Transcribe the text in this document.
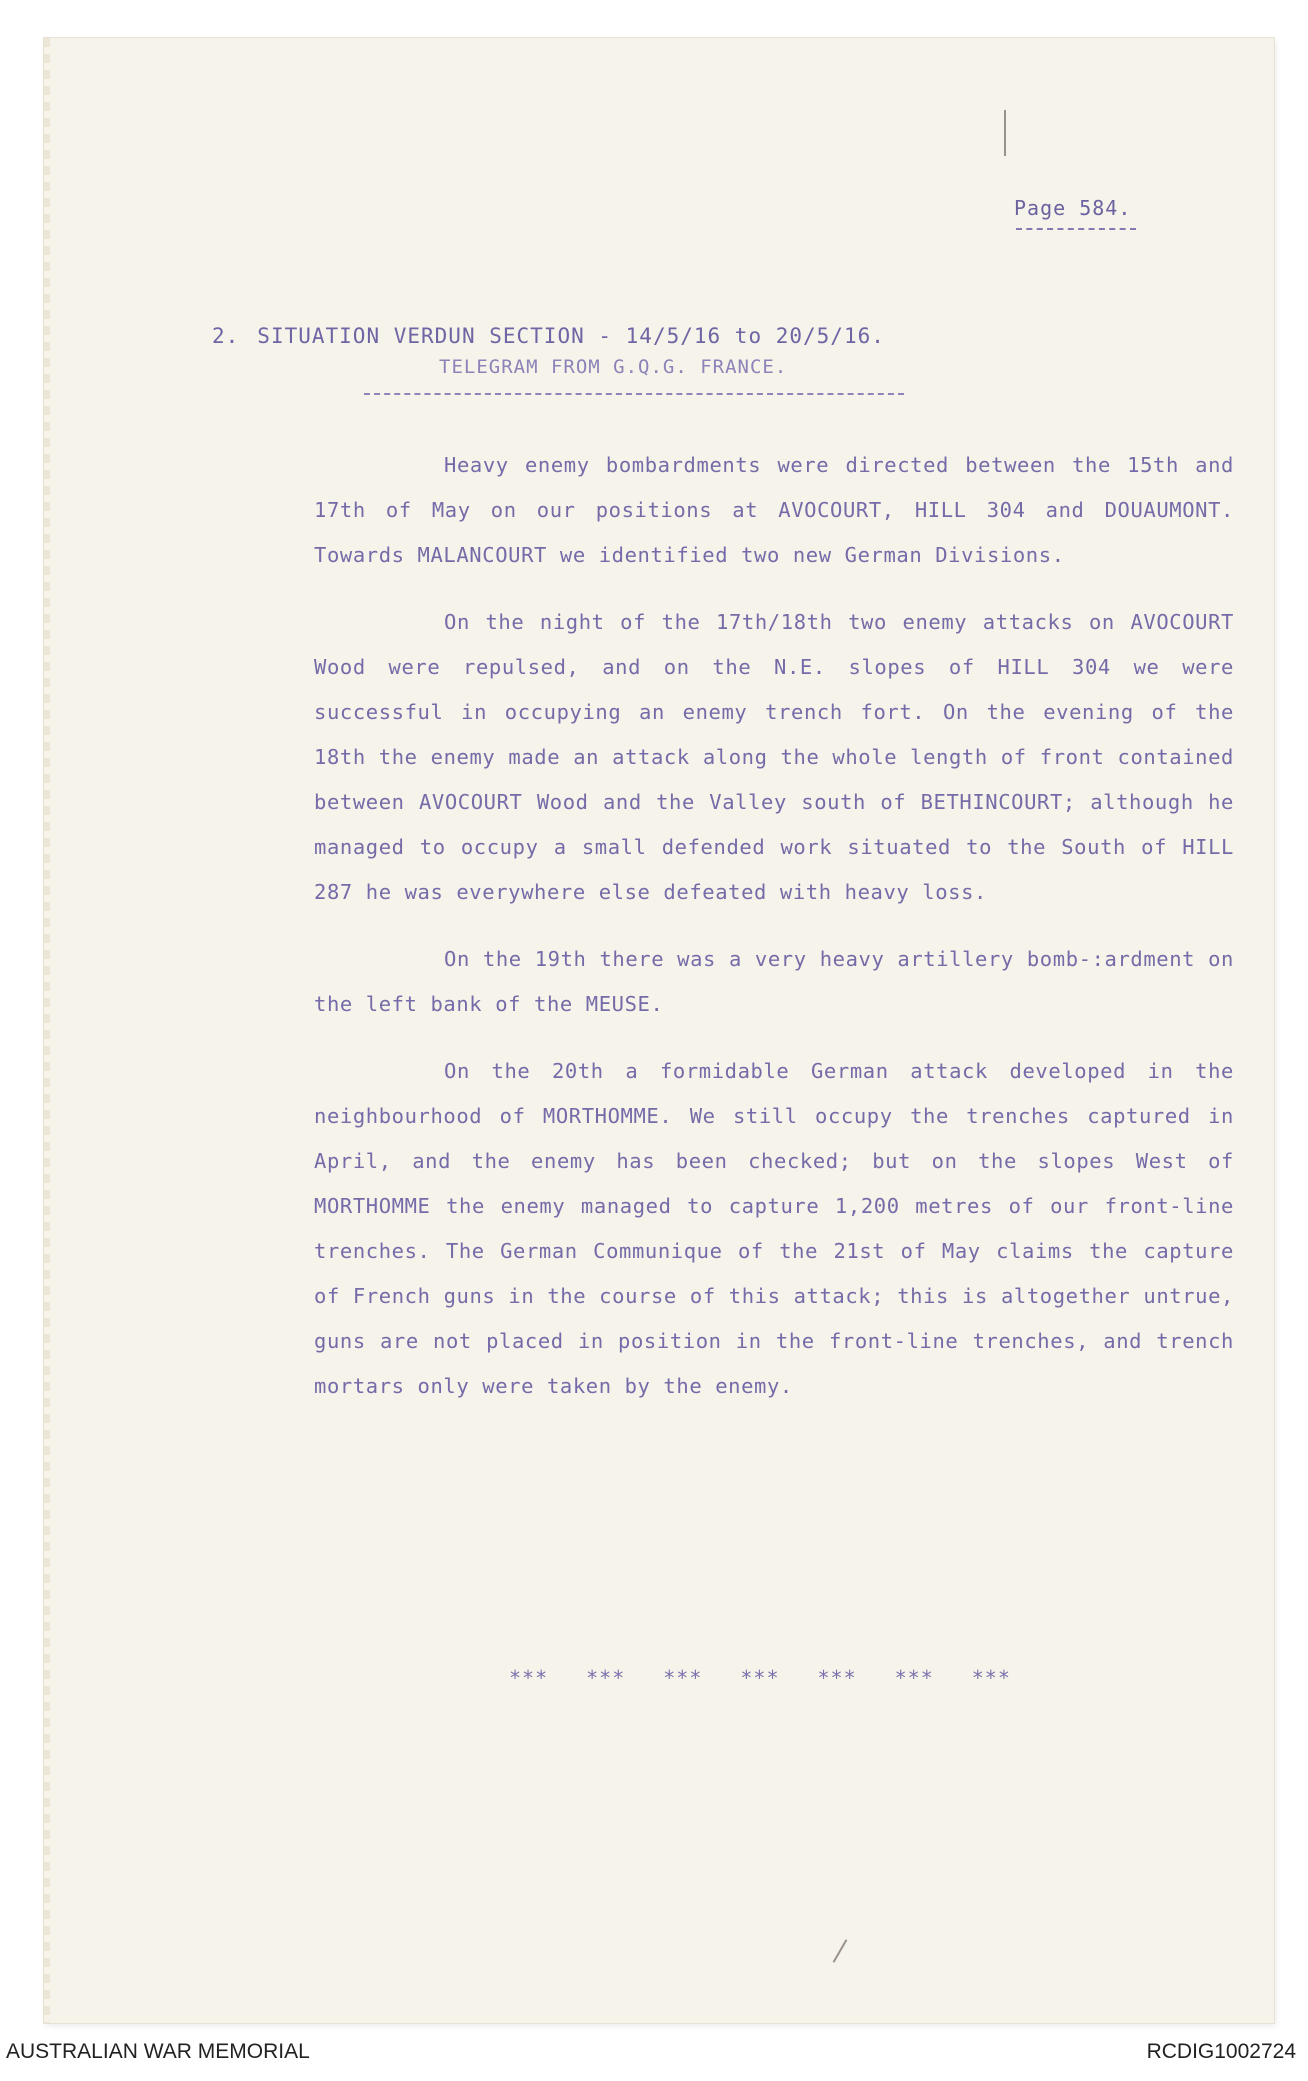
Page 584.
2. SITUATION VERDUN SECTION - 14/5/16 to 20/5/16.
TELEGRAM FROM G.Q.G. FRANCE.

Heavy enemy bombardments were directed between the 15th and 17th of May on our positions at AVOCOURT, HILL 304 and DOUAUMONT. Towards MALANCOURT we identified two new German Divisions.

On the night of the 17th/18th two enemy attacks on AVOCOURT Wood were repulsed, and on the N.E. slopes of HILL 304 we were successful in occupying an enemy trench fort. On the evening of the 18th the enemy made an attack along the whole length of front contained between AVOCOURT Wood and the Valley south of BETHINCOURT; although he managed to occupy a small defended work situated to the South of HILL 287 he was everywhere else defeated with heavy loss.

On the 19th there was a very heavy artillery bomb-:ardment on the left bank of the MEUSE.

On the 20th a formidable German attack developed in the neighbourhood of MORTHOMME. We still occupy the trenches captured in April, and the enemy has been checked; but on the slopes West of MORTHOMME the enemy managed to capture 1,200 metres of our front-line trenches. The German Communique of the 21st of May claims the capture of French guns in the course of this attack; this is altogether untrue, guns are not placed in position in the front-line trenches, and trench mortars only were taken by the enemy.

*** *** *** *** *** *** ***
AUSTRALIAN WAR MEMORIAL	RCDIG1002724
